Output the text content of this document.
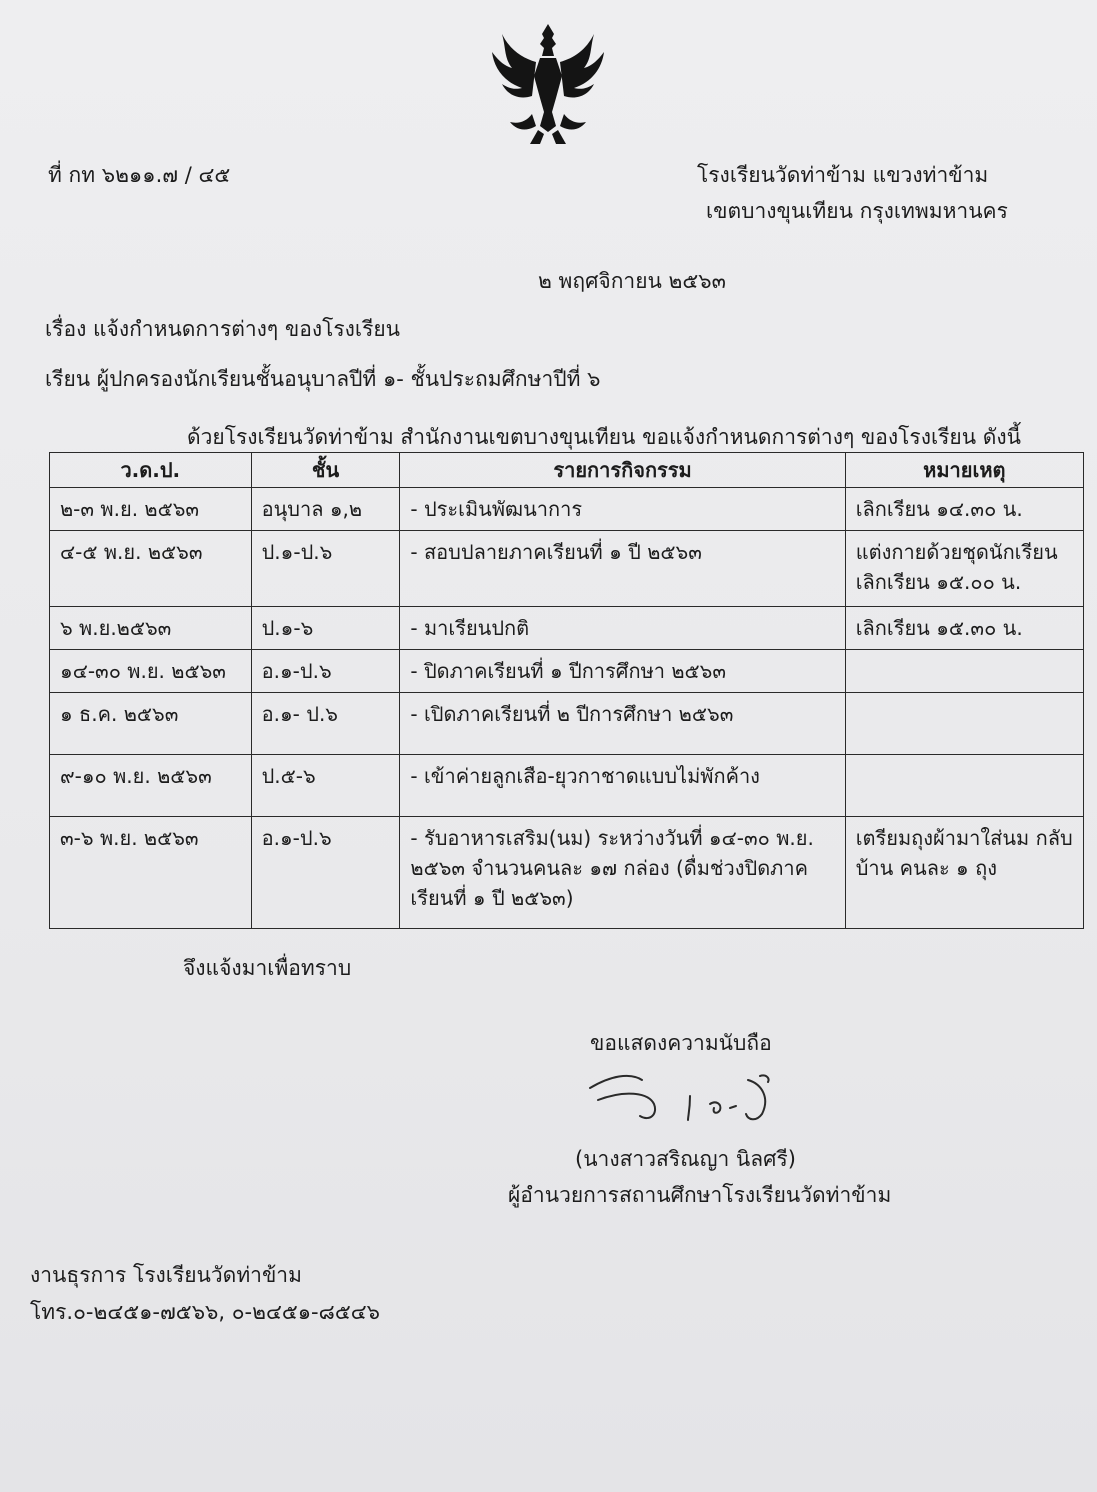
ที่ กท ๖๒๑๑.๗ / ๔๕	โรงเรียนวัดท่าข้าม แขวงท่าข้าม
เขตบางขุนเทียน กรุงเทพมหานคร
๒ พฤศจิกายน ๒๕๖๓
เรื่อง แจ้งกำหนดการต่างๆ ของโรงเรียน
เรียน ผู้ปกครองนักเรียนชั้นอนุบาลปีที่ ๑- ชั้นประถมศึกษาปีที่ ๖
ด้วยโรงเรียนวัดท่าข้าม สำนักงานเขตบางขุนเทียน ขอแจ้งกำหนดการต่างๆ ของโรงเรียน ดังนี้
ว.ด.ป.	ชั้น	รายการกิจกรรม	หมายเหตุ
๒-๓ พ.ย. ๒๕๖๓	อนุบาล ๑,๒	- ประเมินพัฒนาการ	เลิกเรียน ๑๔.๓๐ น.
๔-๕ พ.ย. ๒๕๖๓	ป.๑-ป.๖	- สอบปลายภาคเรียนที่ ๑ ปี ๒๕๖๓	แต่งกายด้วยชุดนักเรียน เลิกเรียน ๑๕.๐๐ น.
๖ พ.ย.๒๕๖๓	ป.๑-๖	- มาเรียนปกติ	เลิกเรียน ๑๕.๓๐ น.
๑๔-๓๐ พ.ย. ๒๕๖๓	อ.๑-ป.๖	- ปิดภาคเรียนที่ ๑ ปีการศึกษา ๒๕๖๓	
๑ ธ.ค. ๒๕๖๓	อ.๑- ป.๖	- เปิดภาคเรียนที่ ๒ ปีการศึกษา ๒๕๖๓	
๙-๑๐ พ.ย. ๒๕๖๓	ป.๕-๖	- เข้าค่ายลูกเสือ-ยุวกาชาดแบบไม่พักค้าง	
๓-๖ พ.ย. ๒๕๖๓	อ.๑-ป.๖	- รับอาหารเสริม(นม) ระหว่างวันที่ ๑๔-๓๐ พ.ย. ๒๕๖๓ จำนวนคนละ ๑๗ กล่อง (ดื่มช่วงปิดภาค เรียนที่ ๑ ปี ๒๕๖๓)	เตรียมถุงผ้ามาใส่นม กลับบ้าน คนละ ๑ ถุง
จึงแจ้งมาเพื่อทราบ
ขอแสดงความนับถือ
(นางสาวสริณญา นิลศรี)
ผู้อำนวยการสถานศึกษาโรงเรียนวัดท่าข้าม
งานธุรการ โรงเรียนวัดท่าข้าม
โทร.๐-๒๔๕๑-๗๕๖๖, ๐-๒๔๕๑-๘๕๔๖
